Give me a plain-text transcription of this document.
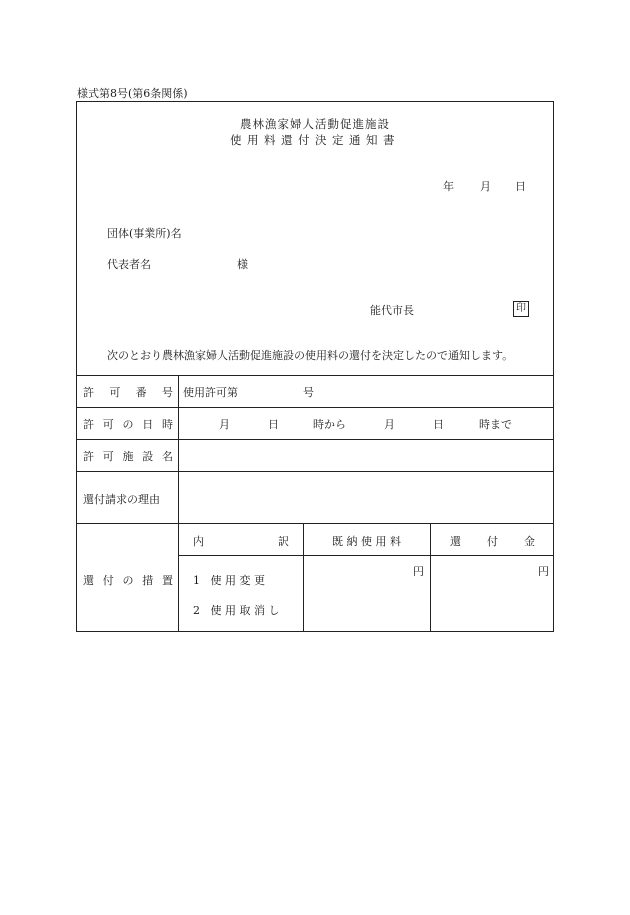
様式第8号(第6条関係)
農林漁家婦人活動促進施設
使用料還付決定通知書
年 月 日
団体(事業所)名
代表者名	様
能代市長	印
次のとおり農林漁家婦人活動促進施設の使用料の還付を決定したので通知します。
許 可 番 号 使用許可第	号
許 可 の 日 時	月	日	時から	月	日	時まで
許 可 施 設 名
還付請求の理由
還 付 の 措 置
内	訳	既 納 使 用 料	還 付 金
1 使 用 変 更
2 使 用 取 消 し
円	円
